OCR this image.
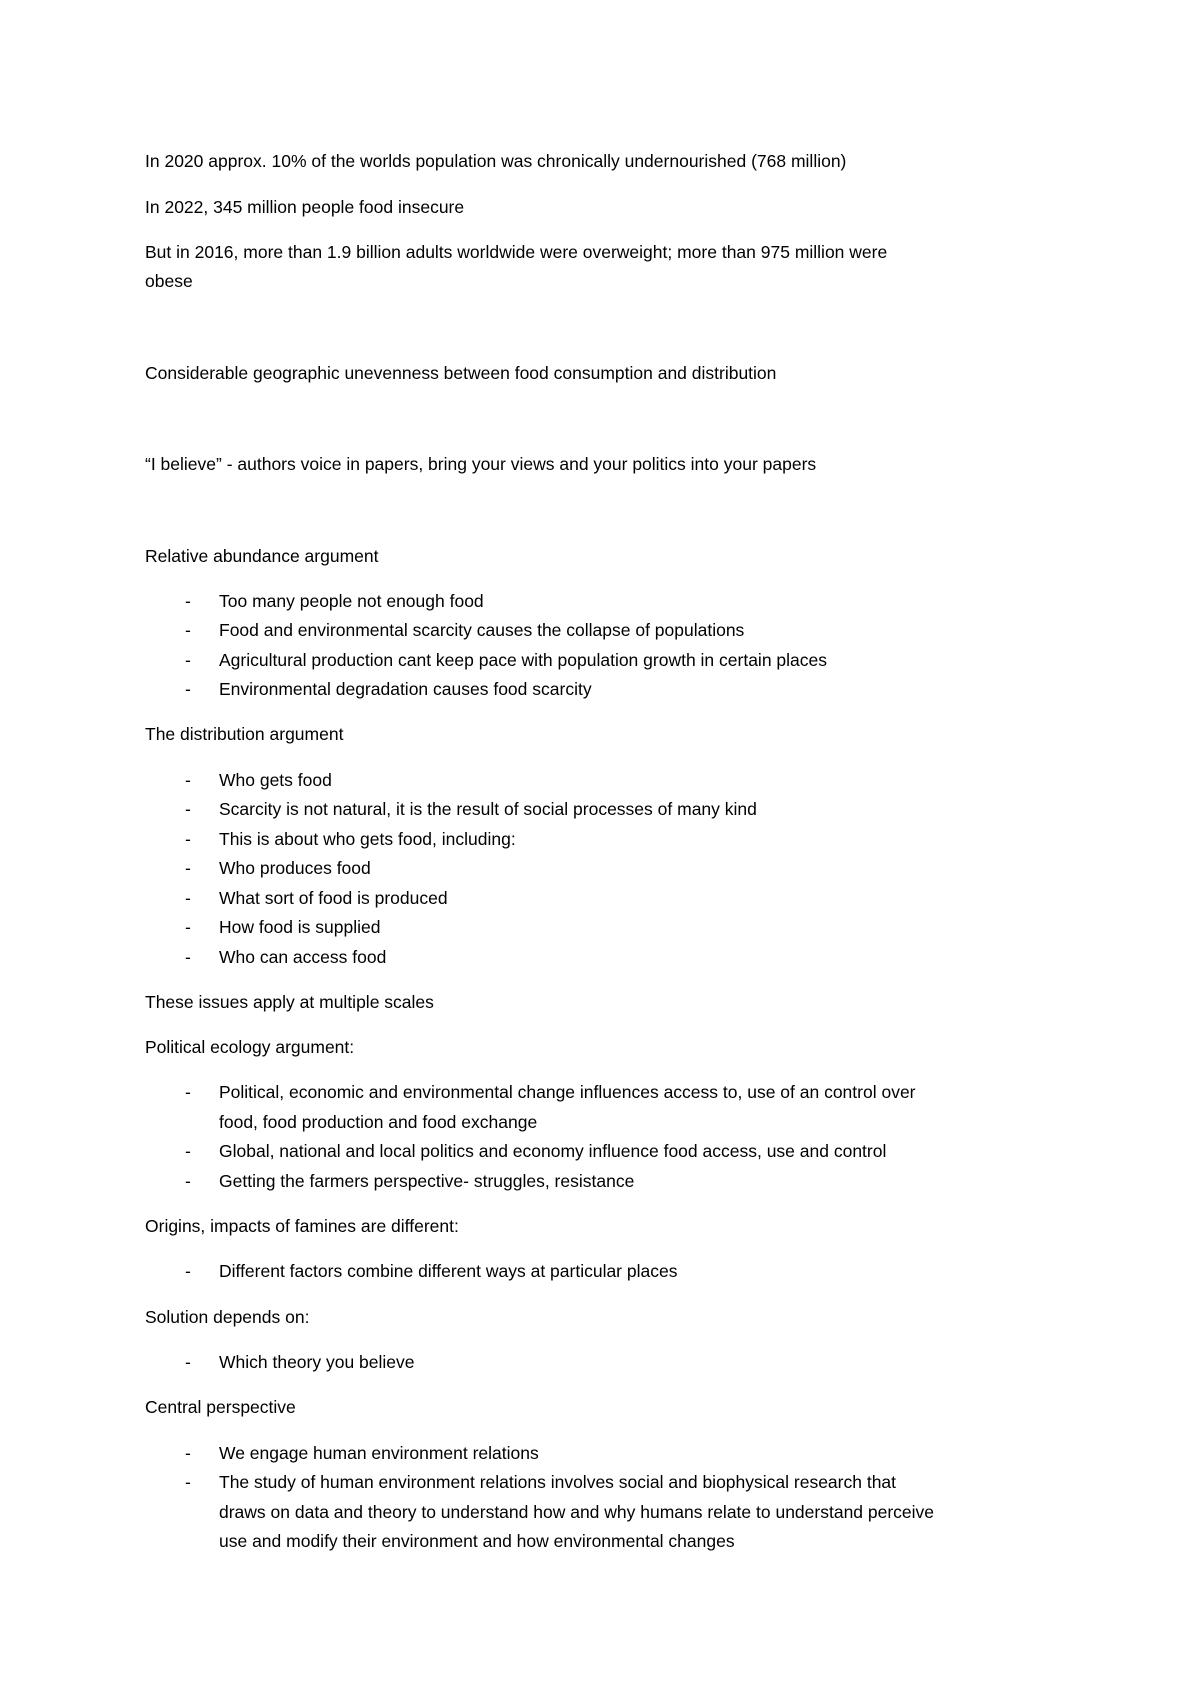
In 2020 approx. 10% of the worlds population was chronically undernourished (768 million)
In 2022, 345 million people food insecure
But in 2016, more than 1.9 billion adults worldwide were overweight; more than 975 million were
obese
Considerable geographic unevenness between food consumption and distribution
“I believe” - authors voice in papers, bring your views and your politics into your papers
Relative abundance argument
- Too many people not enough food
- Food and environmental scarcity causes the collapse of populations
- Agricultural production cant keep pace with population growth in certain places
- Environmental degradation causes food scarcity
The distribution argument
- Who gets food
- Scarcity is not natural, it is the result of social processes of many kind
- This is about who gets food, including:
- Who produces food
- What sort of food is produced
- How food is supplied
- Who can access food
These issues apply at multiple scales
Political ecology argument:
- Political, economic and environmental change influences access to, use of an control over
food, food production and food exchange
- Global, national and local politics and economy influence food access, use and control
- Getting the farmers perspective- struggles, resistance
Origins, impacts of famines are different:
- Different factors combine different ways at particular places
Solution depends on:
- Which theory you believe
Central perspective
- We engage human environment relations
- The study of human environment relations involves social and biophysical research that
draws on data and theory to understand how and why humans relate to understand perceive
use and modify their environment and how environmental changes
